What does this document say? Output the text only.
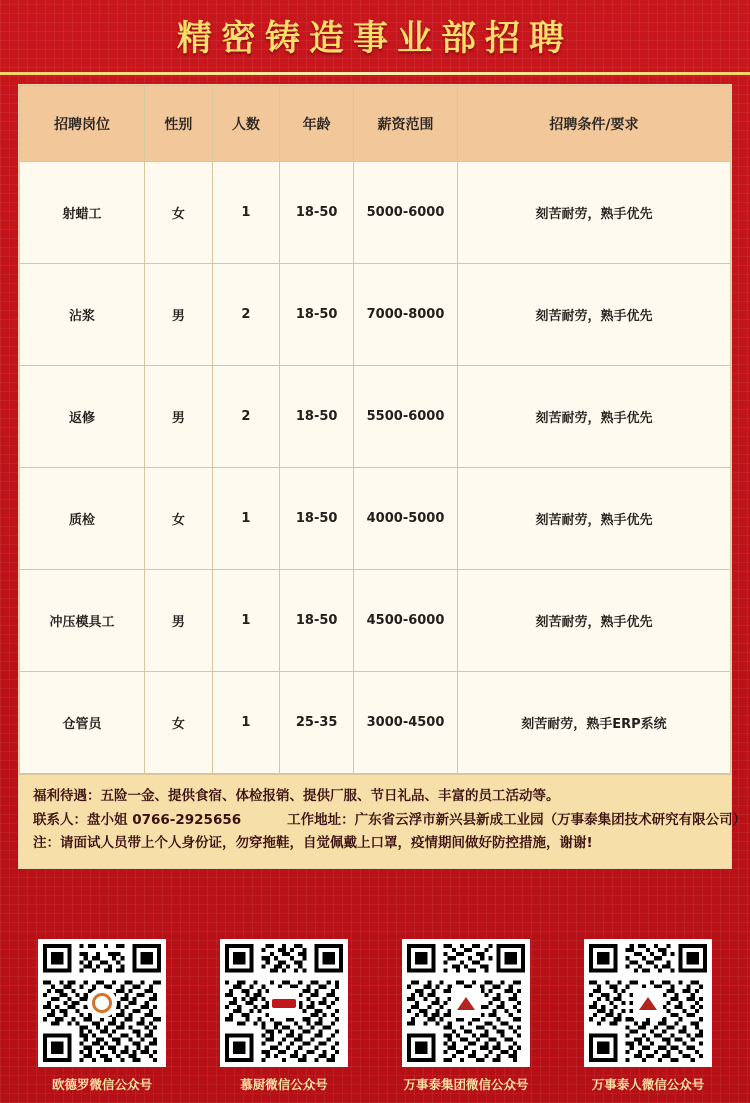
精密铸造事业部招聘
招聘岗位	性别	人数	年龄	薪资范围	招聘条件/要求
射蜡工	女	1	18-50	5000-6000	刻苦耐劳，熟手优先
沾浆	男	2	18-50	7000-8000	刻苦耐劳，熟手优先
返修	男	2	18-50	5500-6000	刻苦耐劳，熟手优先
质检	女	1	18-50	4000-5000	刻苦耐劳，熟手优先
冲压模具工	男	1	18-50	4500-6000	刻苦耐劳，熟手优先
仓管员	女	1	25-35	3000-4500	刻苦耐劳，熟手ERP系统
福利待遇：五险一金、提供食宿、体检报销、提供厂服、节日礼品、丰富的员工活动等。
联系人：盘小姐 0766-2925656	工作地址：广东省云浮市新兴县新成工业园（万事泰集团技术研究有限公司）
注：请面试人员带上个人身份证，勿穿拖鞋，自觉佩戴上口罩，疫情期间做好防控措施，谢谢!
欧德罗微信公众号	慕厨微信公众号	万事泰集团微信公众号	万事泰人微信公众号
